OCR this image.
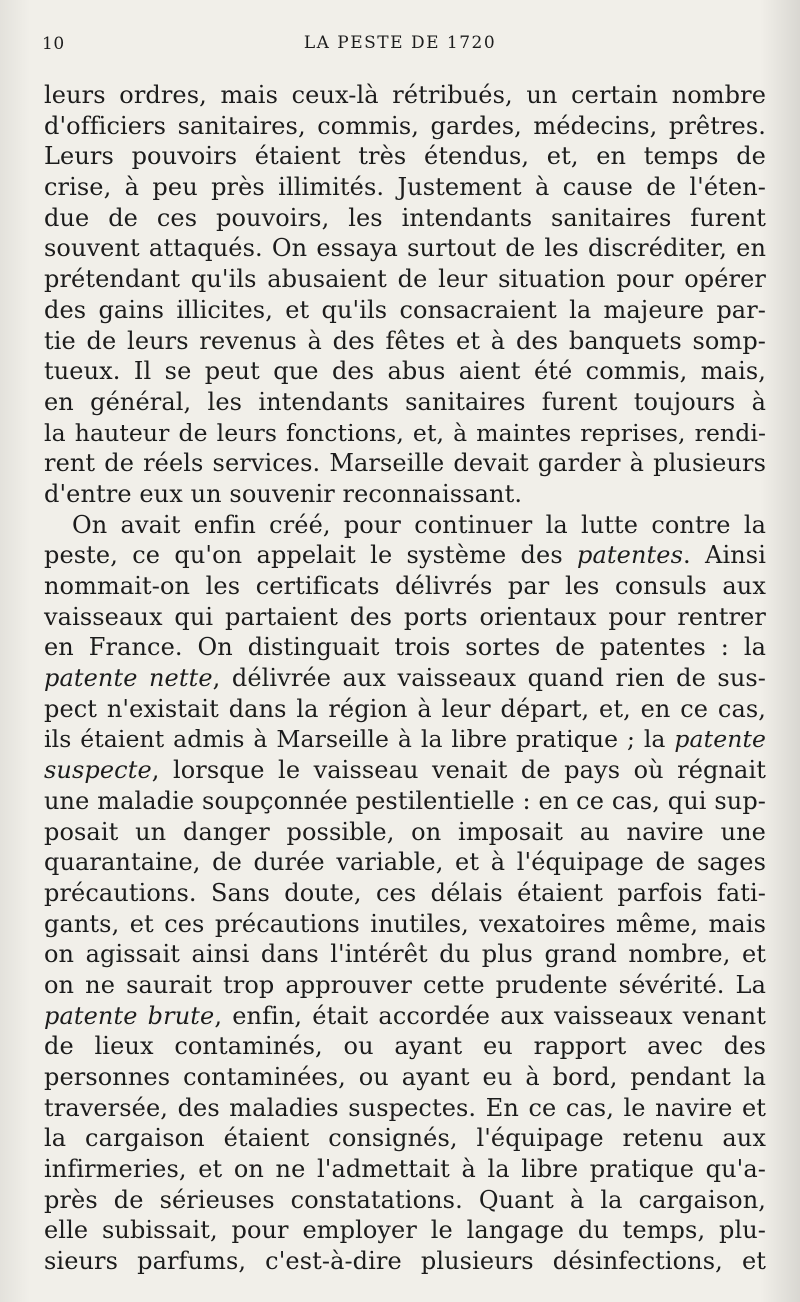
10	LA PESTE DE 1720
leurs ordres, mais ceux-là rétribués, un certain nombre
d'officiers sanitaires, commis, gardes, médecins, prêtres.
Leurs pouvoirs étaient très étendus, et, en temps de
crise, à peu près illimités. Justement à cause de l'éten-
due de ces pouvoirs, les intendants sanitaires furent
souvent attaqués. On essaya surtout de les discréditer, en
prétendant qu'ils abusaient de leur situation pour opérer
des gains illicites, et qu'ils consacraient la majeure par-
tie de leurs revenus à des fêtes et à des banquets somp-
tueux. Il se peut que des abus aient été commis, mais,
en général, les intendants sanitaires furent toujours à
la hauteur de leurs fonctions, et, à maintes reprises, rendi-
rent de réels services. Marseille devait garder à plusieurs
d'entre eux un souvenir reconnaissant.
On avait enfin créé, pour continuer la lutte contre la
peste, ce qu'on appelait le système des patentes. Ainsi
nommait-on les certificats délivrés par les consuls aux
vaisseaux qui partaient des ports orientaux pour rentrer
en France. On distinguait trois sortes de patentes : la
patente nette, délivrée aux vaisseaux quand rien de sus-
pect n'existait dans la région à leur départ, et, en ce cas,
ils étaient admis à Marseille à la libre pratique ; la patente
suspecte, lorsque le vaisseau venait de pays où régnait
une maladie soupçonnée pestilentielle : en ce cas, qui sup-
posait un danger possible, on imposait au navire une
quarantaine, de durée variable, et à l'équipage de sages
précautions. Sans doute, ces délais étaient parfois fati-
gants, et ces précautions inutiles, vexatoires même, mais
on agissait ainsi dans l'intérêt du plus grand nombre, et
on ne saurait trop approuver cette prudente sévérité. La
patente brute, enfin, était accordée aux vaisseaux venant
de lieux contaminés, ou ayant eu rapport avec des
personnes contaminées, ou ayant eu à bord, pendant la
traversée, des maladies suspectes. En ce cas, le navire et
la cargaison étaient consignés, l'équipage retenu aux
infirmeries, et on ne l'admettait à la libre pratique qu'a-
près de sérieuses constatations. Quant à la cargaison,
elle subissait, pour employer le langage du temps, plu-
sieurs parfums, c'est-à-dire plusieurs désinfections, et
